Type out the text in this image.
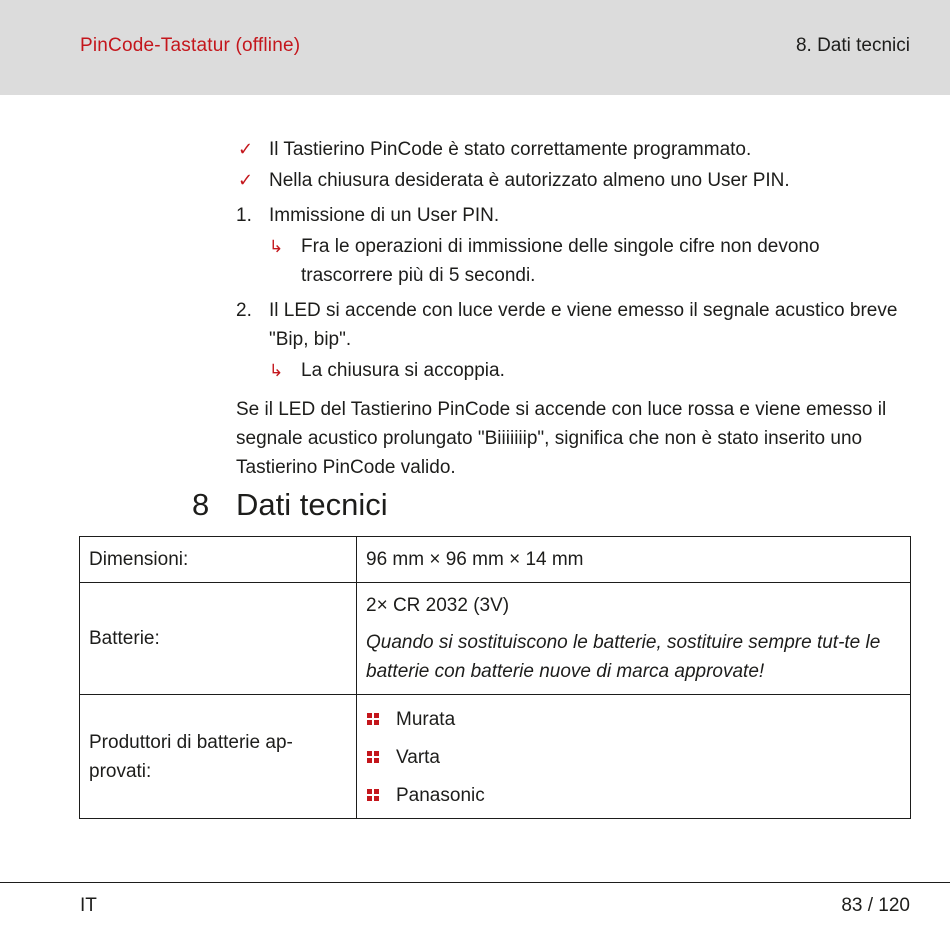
PinCode-Tastatur (offline)	8. Dati tecnici
✓ Il Tastierino PinCode è stato correttamente programmato.
✓ Nella chiusura desiderata è autorizzato almeno uno User PIN.
1. Immissione di un User PIN.
↳ Fra le operazioni di immissione delle singole cifre non devono trascorrere più di 5 secondi.
2. Il LED si accende con luce verde e viene emesso il segnale acustico breve "Bip, bip".
↳ La chiusura si accoppia.
Se il LED del Tastierino PinCode si accende con luce rossa e viene emesso il segnale acustico prolungato "Biiiiiiip", significa che non è stato inserito uno Tastierino PinCode valido.
8 Dati tecnici
Dimensioni:	96 mm × 96 mm × 14 mm
Batterie:	2× CR 2032 (3V)
Quando si sostituiscono le batterie, sostituire sempre tut-te le batterie con batterie nuove di marca approvate!

Produttori di batterie ap-provati:	Murata
Varta
Panasonic
IT	83 / 120
